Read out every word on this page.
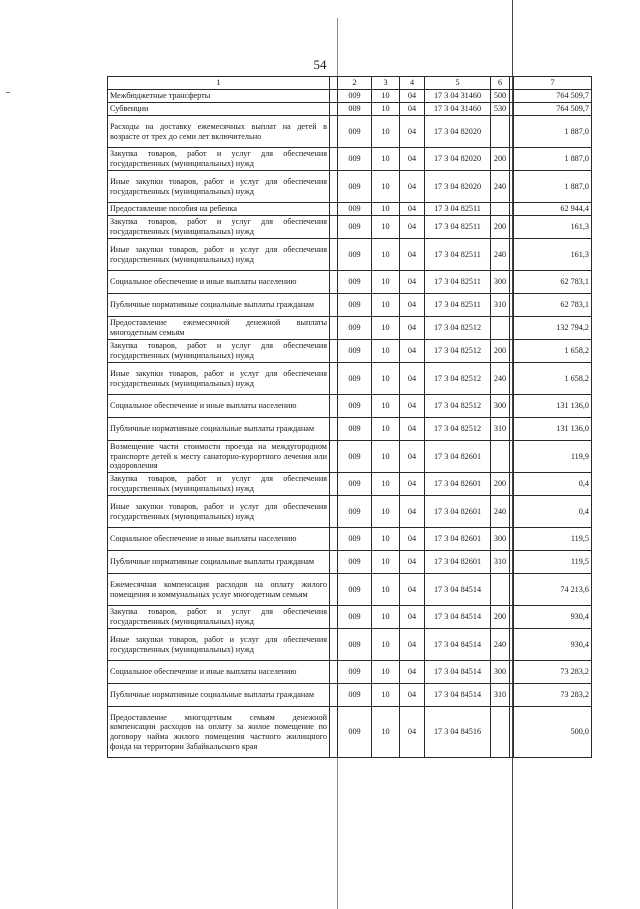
54
1		2	3	4	5	6		7
Межбюджетные трансферты		009	10	04	17 3 04 31460	500		764 509,7
Субвенции		009	10	04	17 3 04 31460	530		764 509,7
Расходы на доставку ежемесячных выплат на детей в возрасте от трех до семи лет включительно		009	10	04	17 3 04 82020			1 887,0
Закупка товаров, работ и услуг для обеспечения государственных (муниципальных) нужд		009	10	04	17 3 04 82020	200		1 887,0
Иные закупки товаров, работ и услуг для обеспечения государственных (муниципальных) нужд		009	10	04	17 3 04 82020	240		1 887,0
Предоставление пособия на ребенка		009	10	04	17 3 04 82511			62 944,4
Закупка товаров, работ и услуг для обеспечения государственных (муниципальных) нужд		009	10	04	17 3 04 82511	200		161,3
Иные закупки товаров, работ и услуг для обеспечения государственных (муниципальных) нужд		009	10	04	17 3 04 82511	240		161,3
Социальное обеспечение и иные выплаты населению		009	10	04	17 3 04 82511	300		62 783,1
Публичные нормативные социальные выплаты гражданам		009	10	04	17 3 04 82511	310		62 783,1
Предоставление ежемесячной денежной выплаты многодетным семьям		009	10	04	17 3 04 82512			132 794,2
Закупка товаров, работ и услуг для обеспечения государственных (муниципальных) нужд		009	10	04	17 3 04 82512	200		1 658,2
Иные закупки товаров, работ и услуг для обеспечения государственных (муниципальных) нужд		009	10	04	17 3 04 82512	240		1 658,2
Социальное обеспечение и иные выплаты населению		009	10	04	17 3 04 82512	300		131 136,0
Публичные нормативные социальные выплаты гражданам		009	10	04	17 3 04 82512	310		131 136,0
Возмещение части стоимости проезда на междугородном транспорте детей к месту санаторно-курортного лечения или оздоровления		009	10	04	17 3 04 82601			119,9
Закупка товаров, работ и услуг для обеспечения государственных (муниципальных) нужд		009	10	04	17 3 04 82601	200		0,4
Иные закупки товаров, работ и услуг для обеспечения государственных (муниципальных) нужд		009	10	04	17 3 04 82601	240		0,4
Социальное обеспечение и иные выплаты населению		009	10	04	17 3 04 82601	300		119,5
Публичные нормативные социальные выплаты гражданам		009	10	04	17 3 04 82601	310		119,5
Ежемесячная компенсация расходов на оплату жилого помещения и коммунальных услуг многодетным семьям		009	10	04	17 3 04 84514			74 213,6
Закупка товаров, работ и услуг для обеспечения государственных (муниципальных) нужд		009	10	04	17 3 04 84514	200		930,4
Иные закупки товаров, работ и услуг для обеспечения государственных (муниципальных) нужд		009	10	04	17 3 04 84514	240		930,4
Социальное обеспечение и иные выплаты населению		009	10	04	17 3 04 84514	300		73 283,2
Публичные нормативные социальные выплаты гражданам		009	10	04	17 3 04 84514	310		73 283,2
Предоставление многодетным семьям денежной компенсации расходов на оплату за жилое помещение по договору найма жилого помещения частного жилищного фонда на территории Забайкальского края		009	10	04	17 3 04 84516			500,0
